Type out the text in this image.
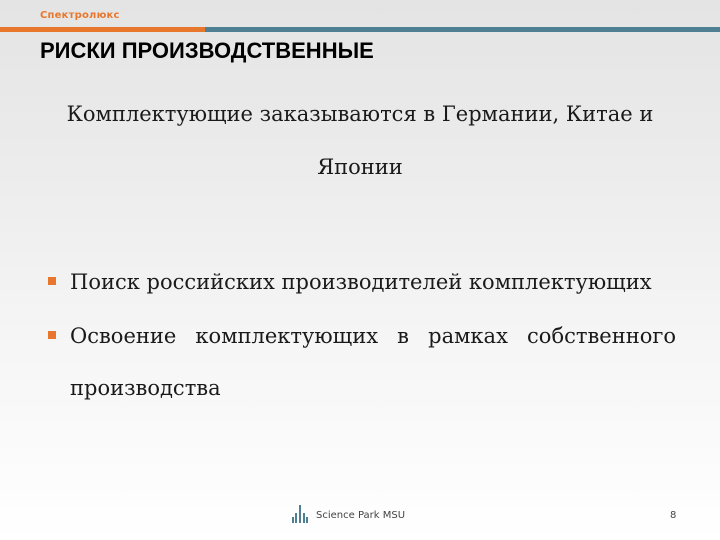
Спектролюкс
РИСКИ ПРОИЗВОДСТВЕННЫЕ
Комплектующие заказываются в Германии, Китае и Японии
Поиск российских производителей комплектующих
Освоение комплектующих в рамках собственного производства
Science Park MSU	8
